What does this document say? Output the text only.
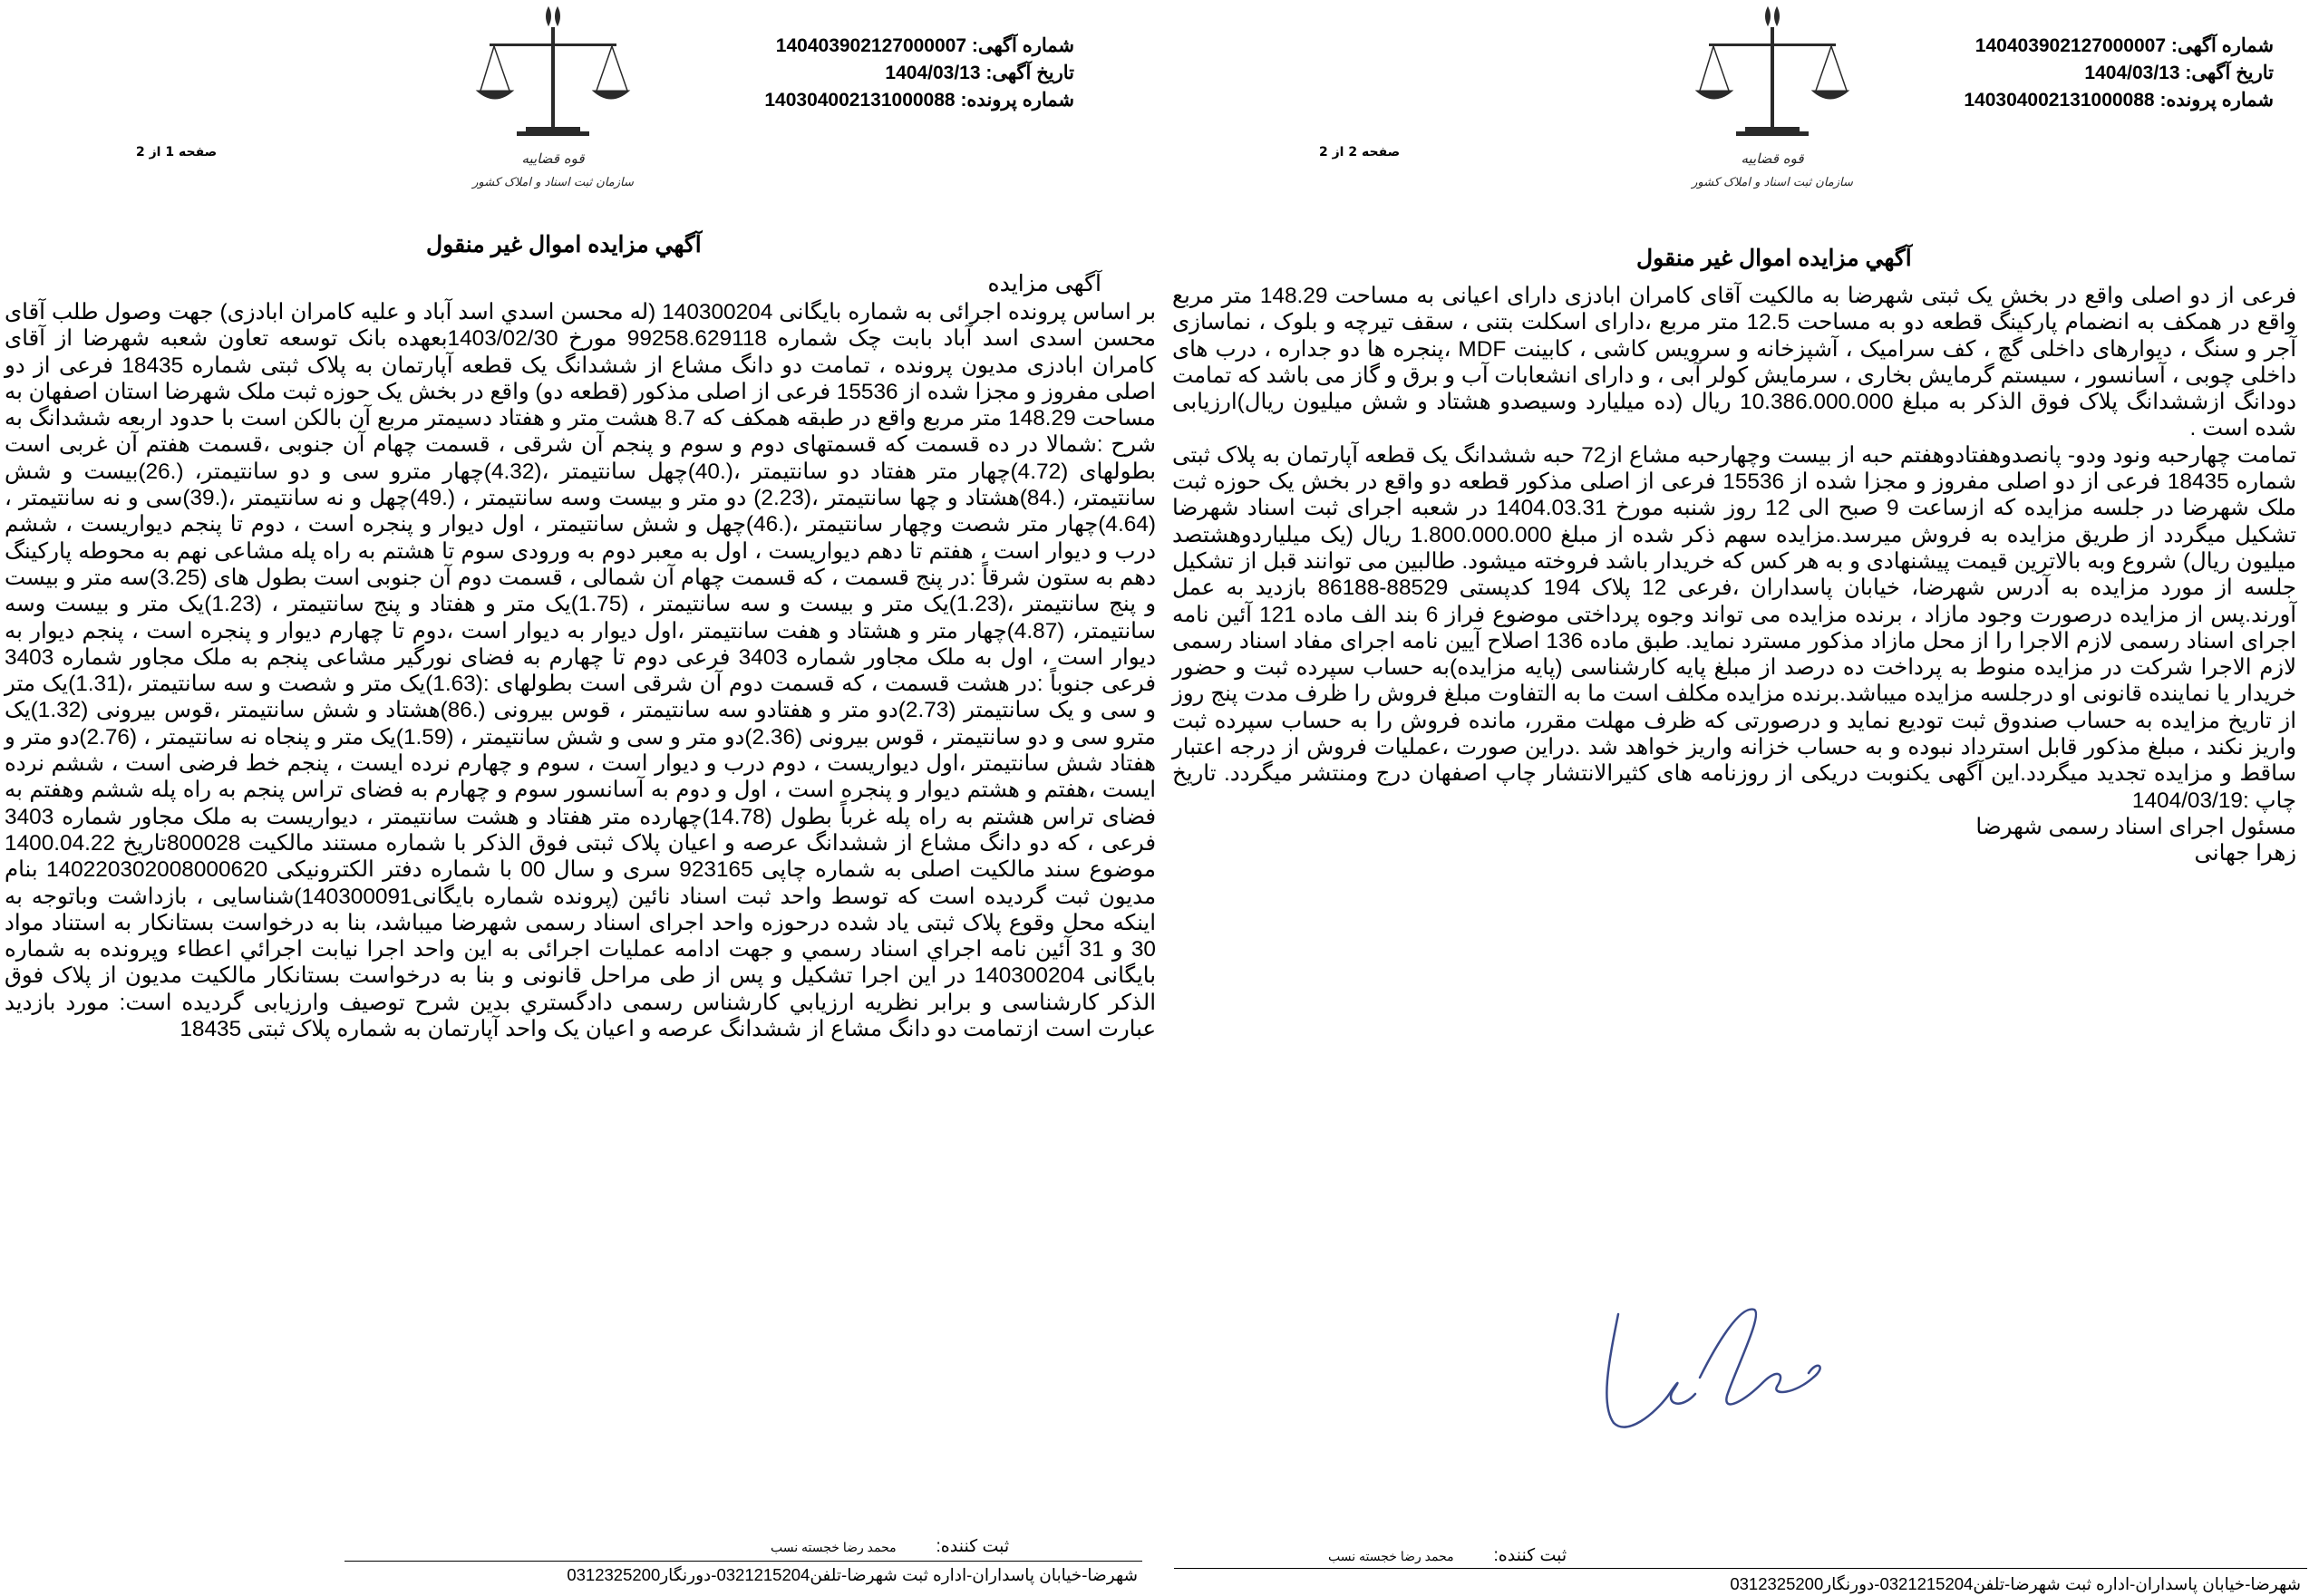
شماره آگهی: 140403902127000007
تاریخ آگهی: 1404/03/13
شماره پرونده: 140304002131000088
قوه قضاییه
سازمان ثبت اسناد و املاک کشور
صفحه 1 از 2
آگهي مزايده اموال غير منقول
آگهی مزایده

بر اساس پرونده اجرائی به شماره بایگانی 140300204 (له محسن اسدي اسد آباد و علیه کامران ابادزی) جهت وصول طلب آقای محسن اسدی اسد آباد بابت چک شماره 99258.629118 مورخ 1403/02/30بعهده بانک توسعه تعاون شعبه شهرضا از آقای کامران ابادزی مدیون پرونده ، تمامت دو دانگ مشاع از ششدانگ یک قطعه آپارتمان به پلاک ثبتی شماره 18435 فرعی از دو اصلی مفروز و مجزا شده از 15536 فرعی از اصلی مذکور (قطعه دو) واقع در بخش یک حوزه ثبت ملک شهرضا استان اصفهان به مساحت 148.29 متر مربع واقع در طبقه همکف که 8.7 هشت متر و هفتاد دسیمتر مربع آن بالکن است با حدود اربعه ششدانگ به شرح :شمالا در ده قسمت که قسمتهای دوم و سوم و پنجم آن شرقی ، قسمت چهام آن جنوبی ،قسمت هفتم آن غربی است بطولهای (4.72)چهار متر هفتاد دو سانتیمتر ،(.40)چهل سانتیمتر ،(4.32)چهار مترو سی و دو سانتیمتر، (.26)بیست و شش سانتیمتر، (.84)هشتاد و چها سانتیمتر ،(2.23) دو متر و بیست وسه سانتیمتر ، (.49)چهل و نه سانتیمتر ،(.39)سی و نه سانتیمتر ، (4.64)چهار متر شصت وچهار سانتیمتر ،(.46)چهل و شش سانتیمتر ، اول دیوار و پنجره است ، دوم تا پنجم دیواریست ، ششم درب و دیوار است ، هفتم تا دهم دیواریست ، اول به معبر دوم به ورودی سوم تا هشتم به راه پله مشاعی نهم به محوطه پارکینگ دهم به ستون شرقاً :در پنج قسمت ، که قسمت چهام آن شمالی ، قسمت دوم آن جنوبی است بطول های (3.25)سه متر و بیست و پنج سانتیمتر ،(1.23)یک متر و بیست و سه سانتیمتر ، (1.75)یک متر و هفتاد و پنج سانتیمتر ، (1.23)یک متر و بیست وسه سانتیمتر، (4.87)چهار متر و هشتاد و هفت سانتیمتر ،اول دیوار به دیوار است ،دوم تا چهارم دیوار و پنجره است ، پنجم دیوار به دیوار است ، اول به ملک مجاور شماره 3403 فرعی دوم تا چهارم به فضای نورگیر مشاعی پنجم به ملک مجاور شماره 3403 فرعی جنوباً :در هشت قسمت ، که قسمت دوم آن شرقی است بطولهای :(1.63)یک متر و شصت و سه سانتیمتر ،(1.31)یک متر و سی و یک سانتیمتر (2.73)دو متر و هفتادو سه سانتیمتر ، قوس بیرونی (.86)هشتاد و شش سانتیمتر ،قوس بیرونی (1.32)یک مترو سی و دو سانتیمتر ، قوس بیرونی (2.36)دو متر و سی و شش سانتیمتر ، (1.59)یک متر و پنجاه نه سانتیمتر ، (2.76)دو متر و هفتاد شش سانتیمتر ،اول دیواریست ، دوم درب و دیوار است ، سوم و چهارم نرده ایست ، پنجم خط فرضی است ، ششم نرده ایست ،هفتم و هشتم دیوار و پنجره است ، اول و دوم به آسانسور سوم و چهارم به فضای تراس پنجم به راه پله ششم وهفتم به فضای تراس هشتم به راه پله غرباً بطول (14.78)چهارده متر هفتاد و هشت سانتیمتر ، دیواریست به ملک مجاور شماره 3403 فرعی ، که دو دانگ مشاع از ششدانگ عرصه و اعیان پلاک ثبتی فوق الذکر با شماره مستند مالکیت 800028تاریخ 1400.04.22 موضوع سند مالکیت اصلی به شماره چاپی 923165 سری و سال 00 با شماره دفتر الکترونیکی 140220302008000620 بنام مدیون ثبت گردیده است که توسط واحد ثبت اسناد نائین (پرونده شماره بایگانی140300091)شناسایی ، بازداشت وباتوجه به اینکه محل وقوع پلاک ثبتی یاد شده درحوزه واحد اجرای اسناد رسمی شهرضا میباشد، بنا به درخواست بستانکار به استناد مواد 30 و 31 آئین نامه اجراي اسناد رسمي و جهت ادامه عمليات اجرائی به این واحد اجرا نیابت اجرائي اعطاء وپرونده به شماره بایگانی 140300204 در این اجرا تشکیل و پس از طی مراحل قانونی و بنا به درخواست بستانکار مالکیت مدیون از پلاک فوق الذکر کارشناسی و برابر نظریه ارزیابي کارشناس رسمی دادگستري بدین شرح توصیف وارزیابی گردیده است: مورد بازدید عبارت است ازتمامت دو دانگ مشاع از ششدانگ عرصه و اعیان یک واحد آپارتمان به شماره پلاک ثبتی 18435

ثبت کننده: محمد رضا خجسته نسب
شهرضا-خیابان پاسداران-اداره ثبت شهرضا-تلفن0321215204-دورنگار0312325200
شماره آگهی: 140403902127000007
تاریخ آگهی: 1404/03/13
شماره پرونده: 140304002131000088
قوه قضاییه
سازمان ثبت اسناد و املاک کشور
صفحه 2 از 2
آگهي مزايده اموال غير منقول

فرعی از دو اصلی واقع در بخش یک ثبتی شهرضا به مالکیت آقای کامران ابادزی دارای اعیانی به مساحت 148.29 متر مربع واقع در همکف به انضمام پارکینگ قطعه دو به مساحت 12.5 متر مربع ،دارای اسکلت بتنی ، سقف تیرچه و بلوک ، نماسازی آجر و سنگ ، دیوارهای داخلی گچ ، کف سرامیک ، آشپزخانه و سرویس کاشی ، کابینت MDF ،پنجره ها دو جداره ، درب های داخلی چوبی ، آسانسور ، سیستم گرمایش بخاری ، سرمایش کولر آبی ، و دارای انشعابات آب و برق و گاز می باشد که تمامت دودانگ ازششدانگ پلاک فوق الذکر به مبلغ 10.386.000.000 ریال (ده میلیارد وسیصدو هشتاد و شش میلیون ریال)ارزیابی شده است .

تمامت چهارحبه ونود ودو- پانصدوهفتادوهفتم حبه از بیست وچهارحبه مشاع از72 حبه ششدانگ یک قطعه آپارتمان به پلاک ثبتی شماره 18435 فرعی از دو اصلی مفروز و مجزا شده از 15536 فرعی از اصلی مذکور قطعه دو واقع در بخش یک حوزه ثبت ملک شهرضا در جلسه مزایده که ازساعت 9 صبح الی 12 روز شنبه مورخ 1404.03.31 در شعبه اجرای ثبت اسناد شهرضا تشکیل میگردد از طریق مزایده به فروش میرسد.مزایده سهم ذکر شده از مبلغ 1.800.000.000 ریال (یک میلیاردوهشتصد میلیون ریال) شروع وبه بالاترین قیمت پیشنهادی و به هر کس که خریدار باشد فروخته میشود. طالبین می توانند قبل از تشکیل جلسه از مورد مزایده به آدرس شهرضا، خیابان پاسداران ،فرعی 12 پلاک 194 کدپستی 88529-86188 بازدید به عمل آورند.پس از مزایده درصورت وجود مازاد ، برنده مزایده می تواند وجوه پرداختی موضوع فراز 6 بند الف ماده 121 آئین نامه اجرای اسناد رسمی لازم الاجرا را از محل مازاد مذکور مسترد نماید. طبق ماده 136 اصلاح آیین نامه اجرای مفاد اسناد رسمی لازم الاجرا شرکت در مزایده منوط به پرداخت ده درصد از مبلغ پایه کارشناسی (پایه مزایده)به حساب سپرده ثبت و حضور خریدار یا نماینده قانونی او درجلسه مزایده میباشد.برنده مزایده مکلف است ما به التفاوت مبلغ فروش را ظرف مدت پنج روز از تاریخ مزایده به حساب صندوق ثبت تودیع نماید و درصورتی که ظرف مهلت مقرر، مانده فروش را به حساب سپرده ثبت واریز نکند ، مبلغ مذکور قابل استرداد نبوده و به حساب خزانه واریز خواهد شد .دراین صورت ،عملیات فروش از درجه اعتبار ساقط و مزایده تجدید میگردد.این آگهی یکنوبت دریکی از روزنامه های کثیرالانتشار چاپ اصفهان درج ومنتشر میگردد. تاریخ چاپ :1404/03/19

مسئول اجرای اسناد رسمی شهرضا
زهرا جهانی
ثبت کننده: محمد رضا خجسته نسب
شهرضا-خیابان پاسداران-اداره ثبت شهرضا-تلفن0321215204-دورنگار0312325200
